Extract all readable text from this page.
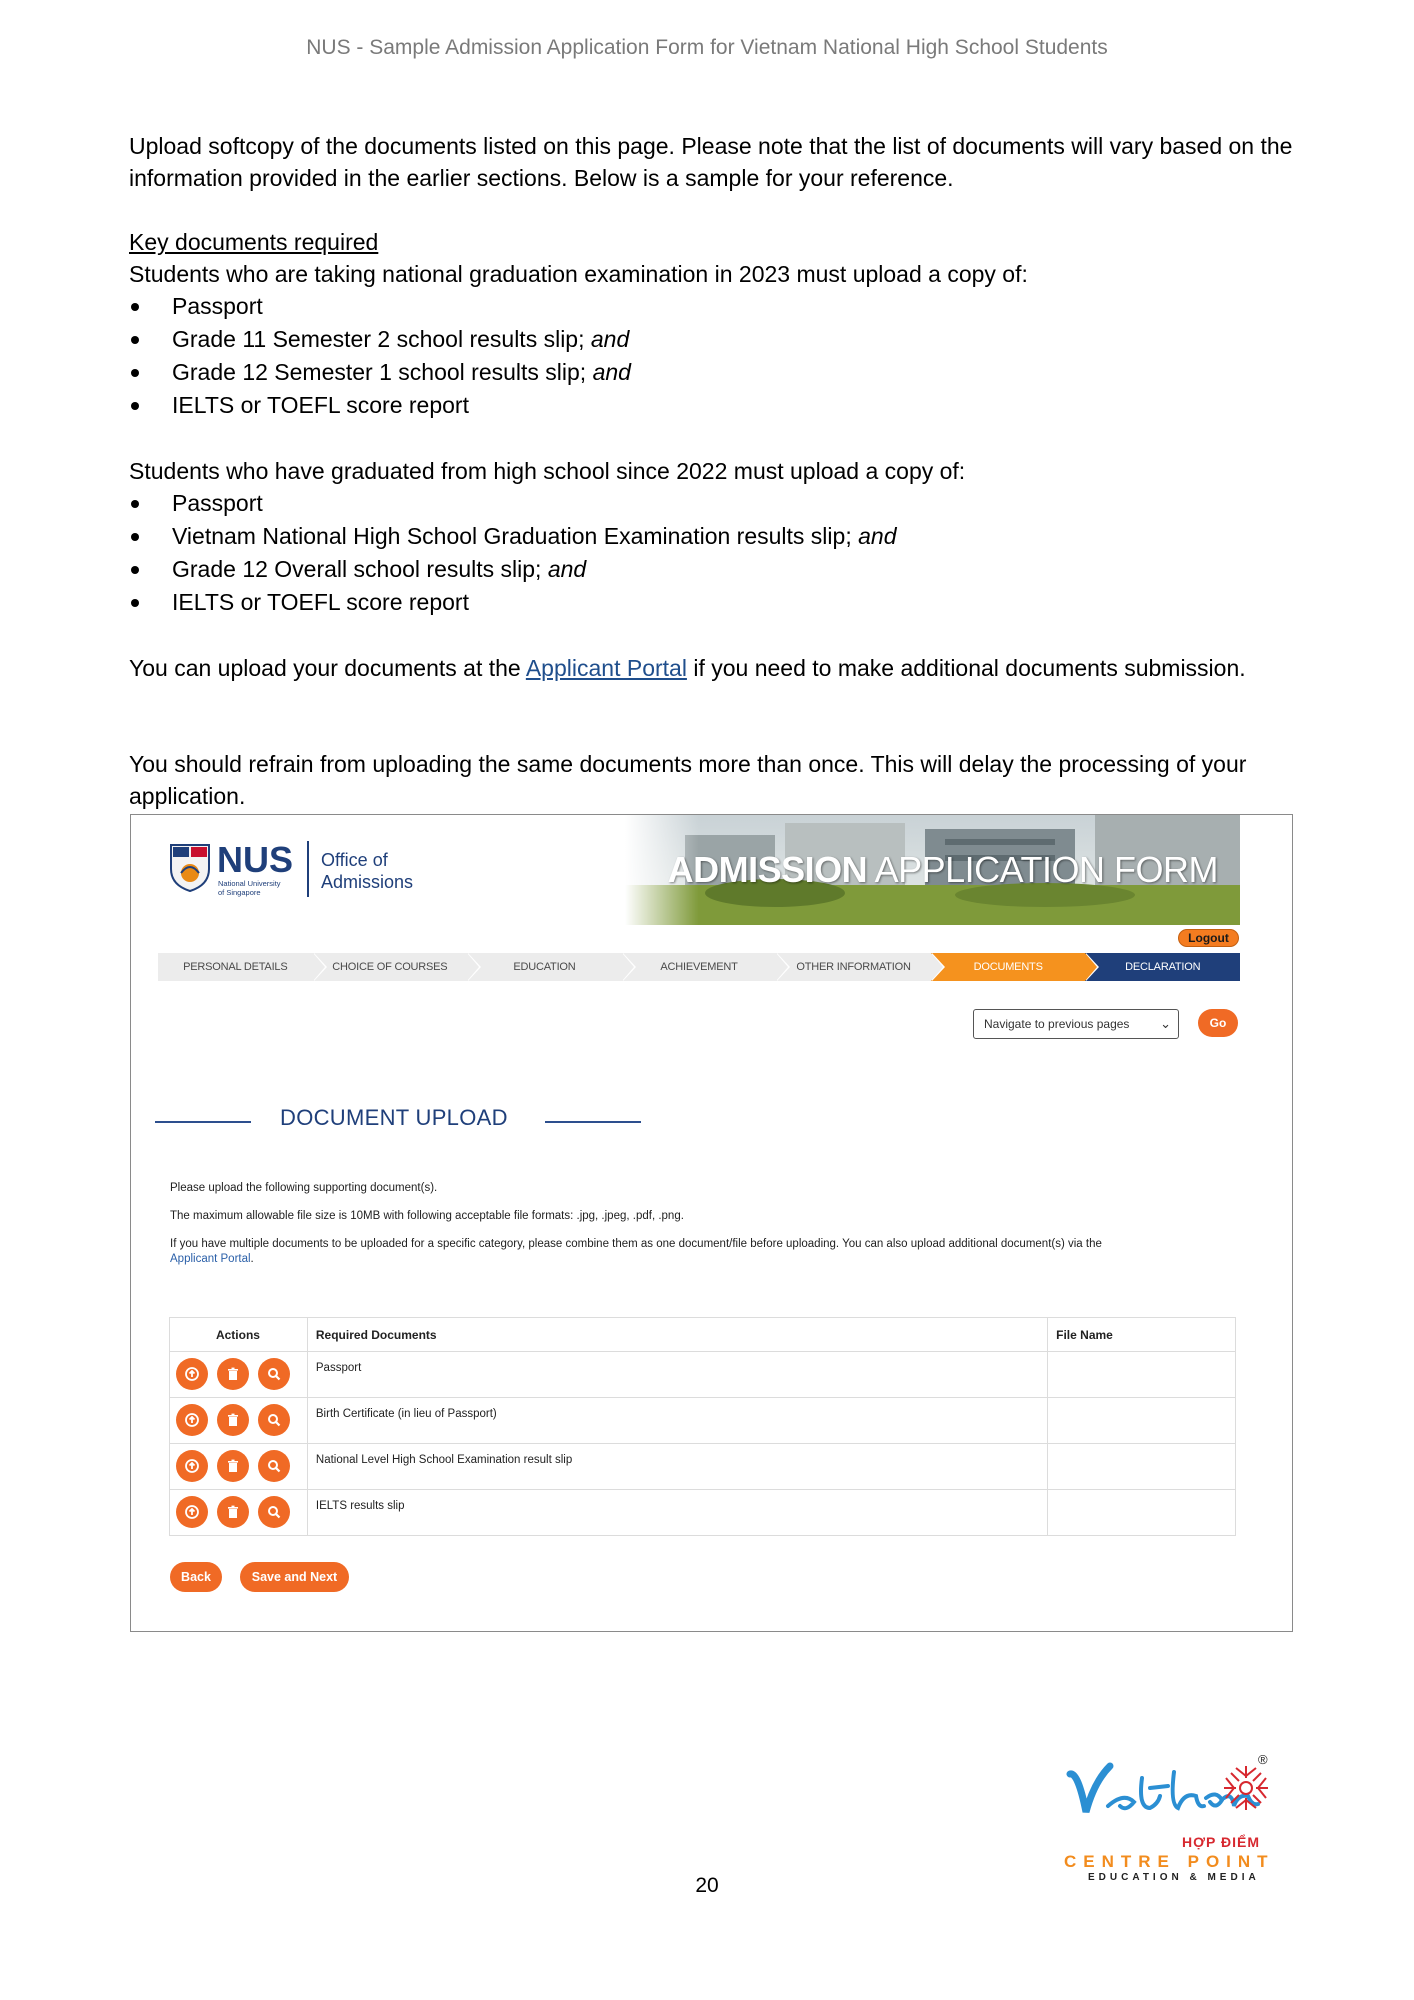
NUS - Sample Admission Application Form for Vietnam National High School Students

Upload softcopy of the documents listed on this page. Please note that the list of documents will vary based on the information provided in the earlier sections. Below is a sample for your reference.

Key documents required

Students who are taking national graduation examination in 2023 must upload a copy of:

Passport
Grade 11 Semester 2 school results slip; and
Grade 12 Semester 1 school results slip; and
IELTS or TOEFL score report

Students who have graduated from high school since 2022 must upload a copy of:

Passport
Vietnam National High School Graduation Examination results slip; and
Grade 12 Overall school results slip; and
IELTS or TOEFL score report

You can upload your documents at the Applicant Portal if you need to make additional documents submission.

You should refrain from uploading the same documents more than once. This will delay the processing of your application.

NUS
National University
of Singapore
Office of
Admissions	ADMISSION APPLICATION FORM
Logout
PERSONAL DETAILS	CHOICE OF COURSES	EDUCATION	ACHIEVEMENT	OTHER INFORMATION	DOCUMENTS	DECLARATION
Navigate to previous pages ⌄	Go
DOCUMENT UPLOAD

Please upload the following supporting document(s).

The maximum allowable file size is 10MB with following acceptable file formats: .jpg, .jpeg, .pdf, .png.

If you have multiple documents to be uploaded for a specific category, please combine them as one document/file before uploading. You can also upload additional document(s) via the
Applicant Portal.

Actions	Required Documents	File Name

	Passport	

	Birth Certificate (in lieu of Passport)	

	National Level High School Examination result slip	

	IELTS results slip	
Back	Save and Next
20
®
HỢP ĐIỂM
CENTRE POINT
EDUCATION & MEDIA
